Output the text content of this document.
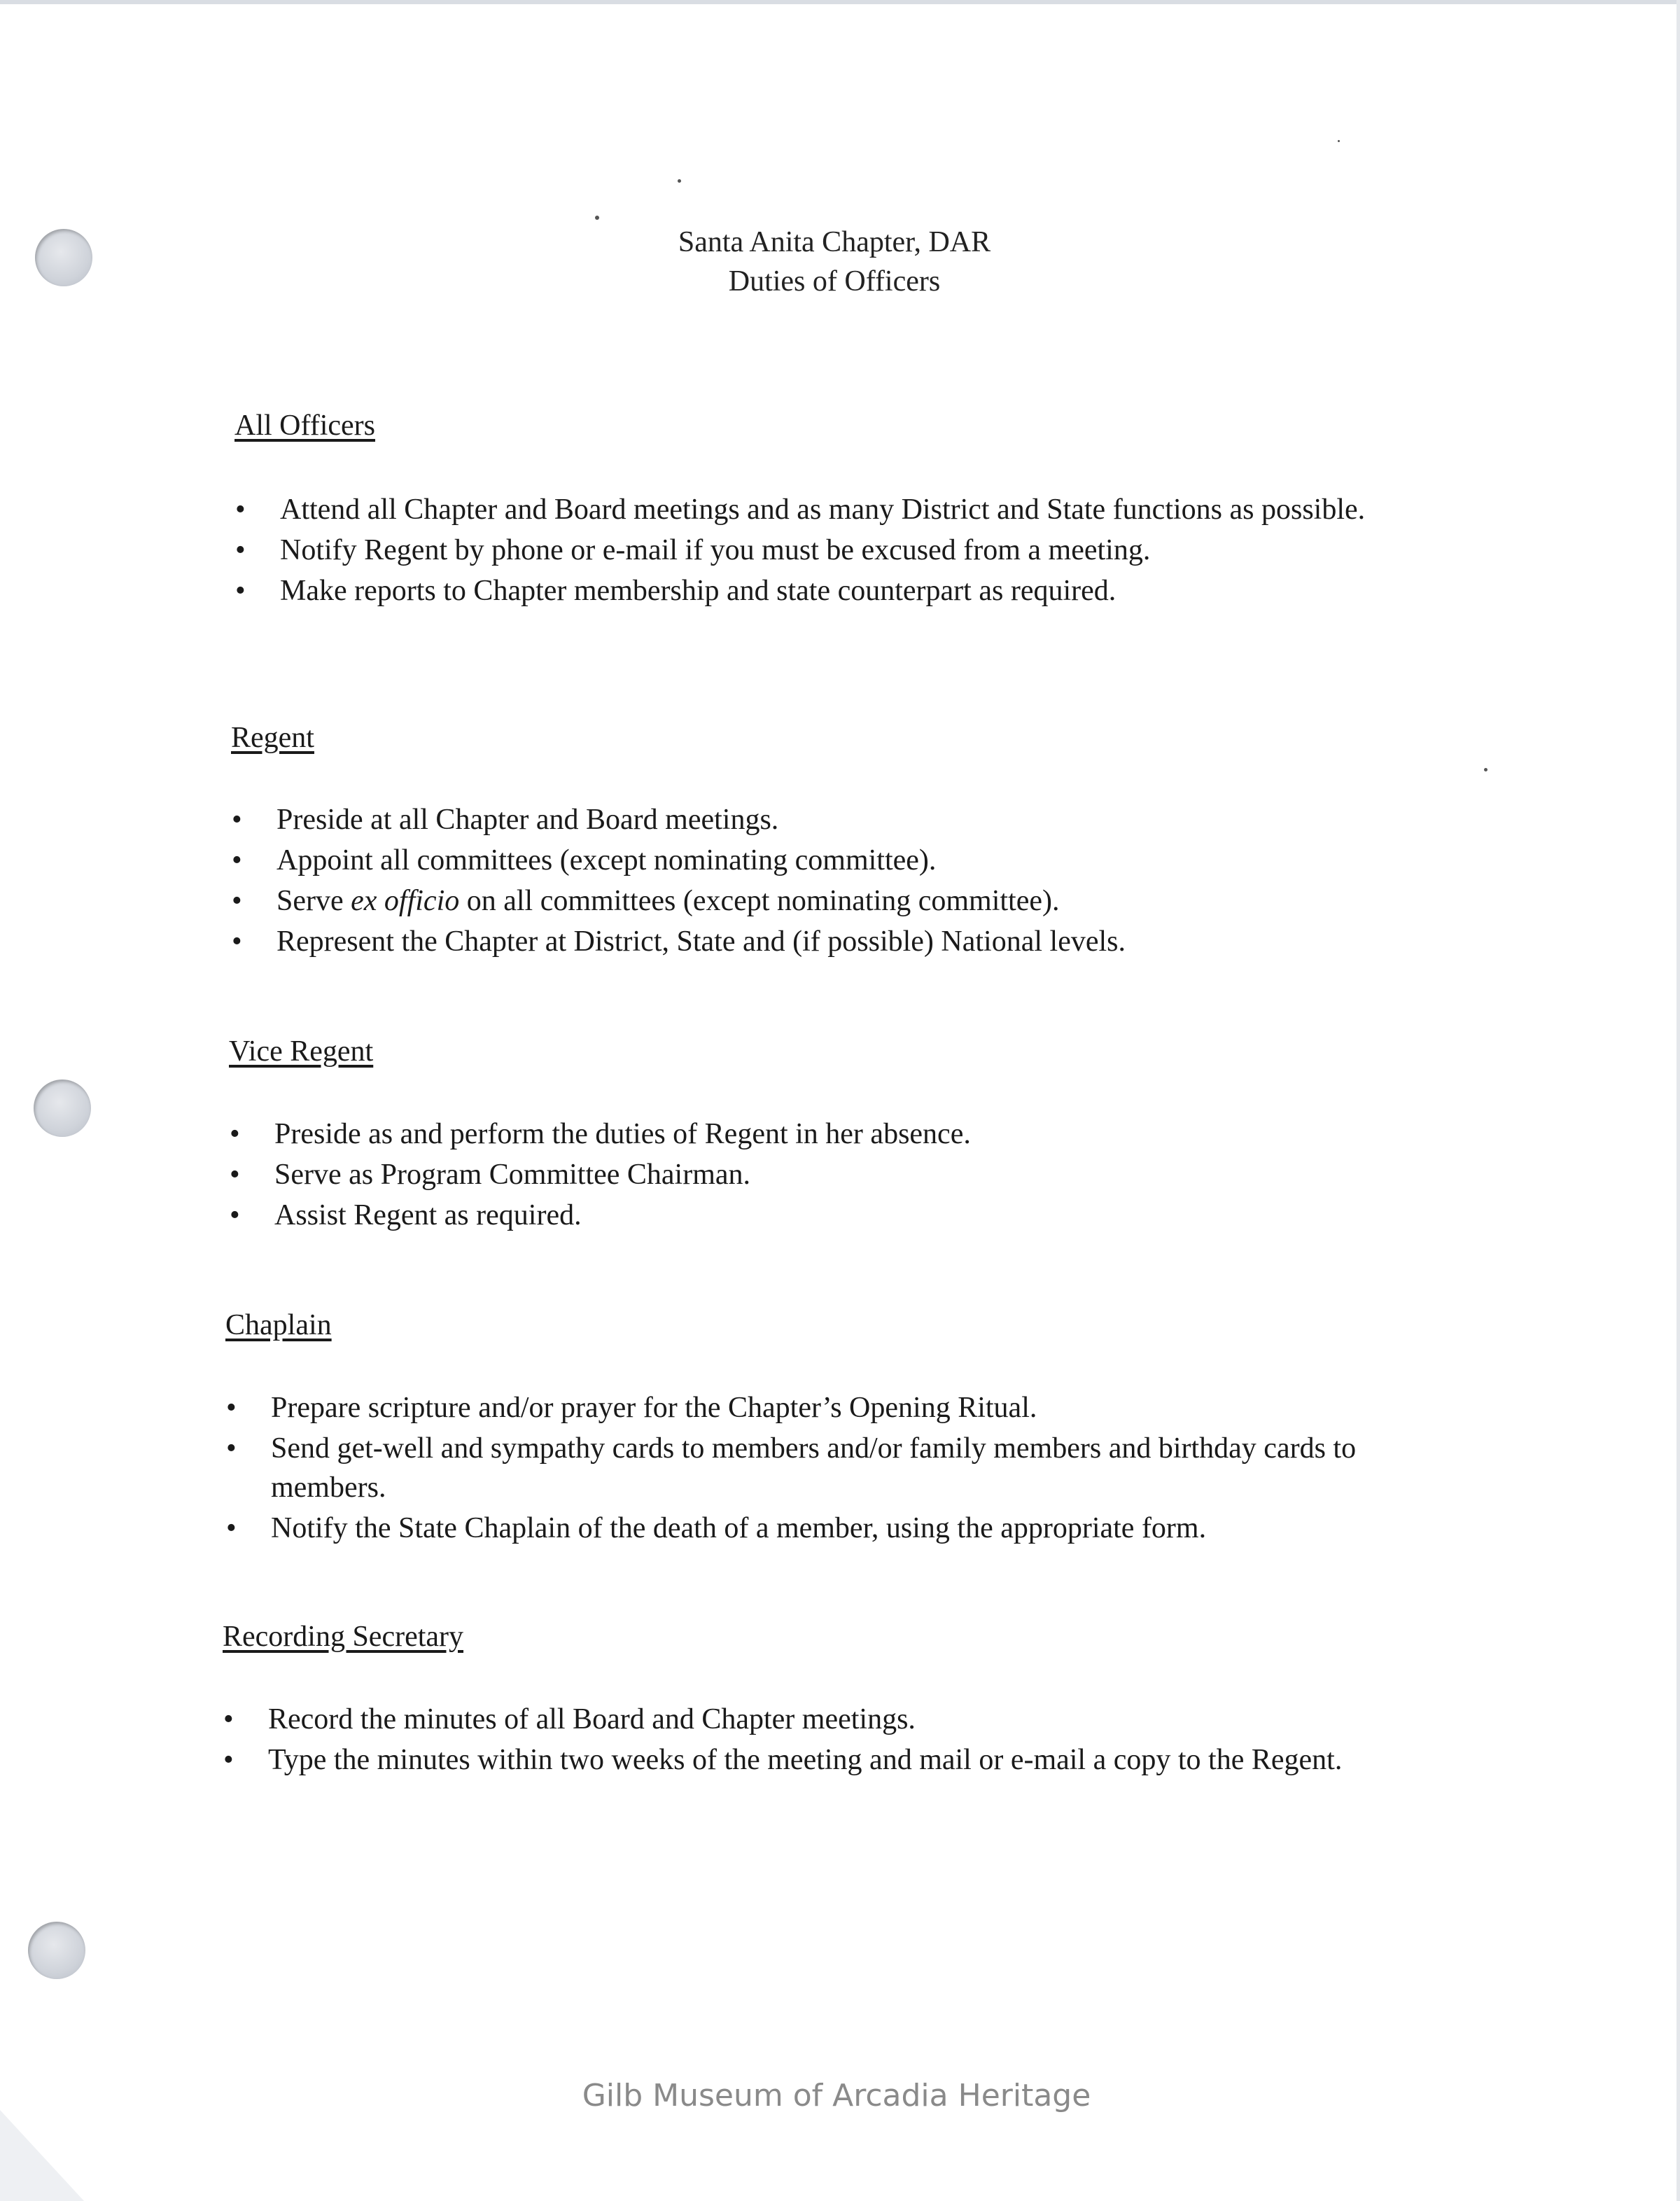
Santa Anita Chapter, DAR
Duties of Officers
All Officers
• Attend all Chapter and Board meetings and as many District and State functions as possible.
• Notify Regent by phone or e-mail if you must be excused from a meeting.
• Make reports to Chapter membership and state counterpart as required.
Regent
• Preside at all Chapter and Board meetings.
• Appoint all committees (except nominating committee).
• Serve ex officio on all committees (except nominating committee).
• Represent the Chapter at District, State and (if possible) National levels.
Vice Regent
• Preside as and perform the duties of Regent in her absence.
• Serve as Program Committee Chairman.
• Assist Regent as required.
Chaplain
• Prepare scripture and/or prayer for the Chapter’s Opening Ritual.
• Send get-well and sympathy cards to members and/or family members and birthday cards to members.
• Notify the State Chaplain of the death of a member, using the appropriate form.
Recording Secretary
• Record the minutes of all Board and Chapter meetings.
• Type the minutes within two weeks of the meeting and mail or e-mail a copy to the Regent.
Gilb Museum of Arcadia Heritage
